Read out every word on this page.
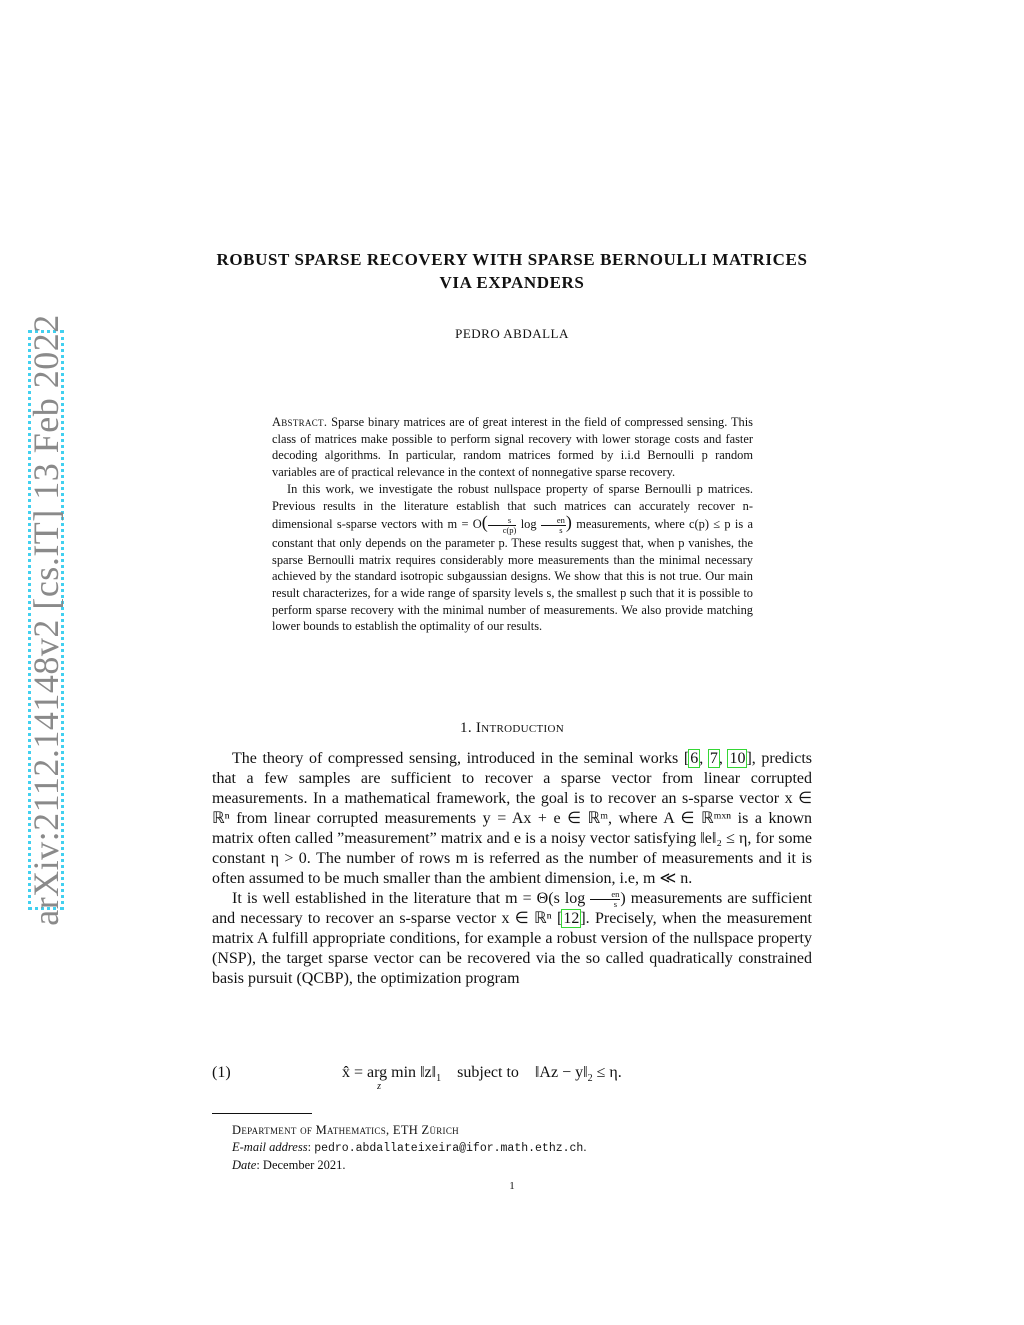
arXiv:2112.14148v2 [cs.IT] 13 Feb 2022
ROBUST SPARSE RECOVERY WITH SPARSE BERNOULLI MATRICES VIA EXPANDERS
PEDRO ABDALLA

Abstract. Sparse binary matrices are of great interest in the field of compressed sensing. This class of matrices make possible to perform signal recovery with lower storage costs and faster decoding algorithms. In particular, random matrices formed by i.i.d Bernoulli p random variables are of practical relevance in the context of nonnegative sparse recovery.

In this work, we investigate the robust nullspace property of sparse Bernoulli p matrices. Previous results in the literature establish that such matrices can accurately recover n-dimensional s-sparse vectors with $m = O( \frac{s}{c(p)}$ $\log \frac{en}{s}$ ) measurements, where c(p) ≤ p is a constant that only depends on the parameter p. These results suggest that, when p vanishes, the sparse Bernoulli matrix requires considerably more measurements than the minimal necessary achieved by the standard isotropic subgaussian designs. We show that this is not true. Our main result characterizes, for a wide range of sparsity levels s, the smallest p such that it is possible to perform sparse recovery with the minimal number of measurements. We also provide matching lower bounds to establish the optimality of our results.

1. Introduction

The theory of compressed sensing, introduced in the seminal works [6, 7, 10], predicts that a few samples are sufficient to recover a sparse vector from linear corrupted measurements. In a mathematical framework, the goal is to recover an s-sparse vector x ∈ ℝⁿ from linear corrupted measurements y = Ax + e ∈ ℝᵐ, where A ∈ ℝᵐˣⁿ is a known matrix often called ”measurement” matrix and e is a noisy vector satisfying ‖e‖₂ ≤ η, for some constant η > 0. The number of rows m is referred as the number of measurements and it is often assumed to be much smaller than the ambient dimension, i.e, m ≪ n.

It is well established in the literature that m = Θ(s $\log \frac{en}{s}$ ) measurements are sufficient and necessary to recover an s-sparse vector x ∈ ℝⁿ [12]. Precisely, when the measurement matrix A fulfill appropriate conditions, for example a robust version of the nullspace property (NSP), the target sparse vector can be recovered via the so called quadratically constrained basis pursuit (QCBP), the optimization program

(1)	x̂ = arg min
z
$‖z‖_1$ subject to ‖Az − $y‖_2 \le \eta$.
Department of Mathematics, ETH Zürich
E-mail address: pedro.abdallateixeira@ifor.math.ethz.ch.
Date: December 2021.
1
